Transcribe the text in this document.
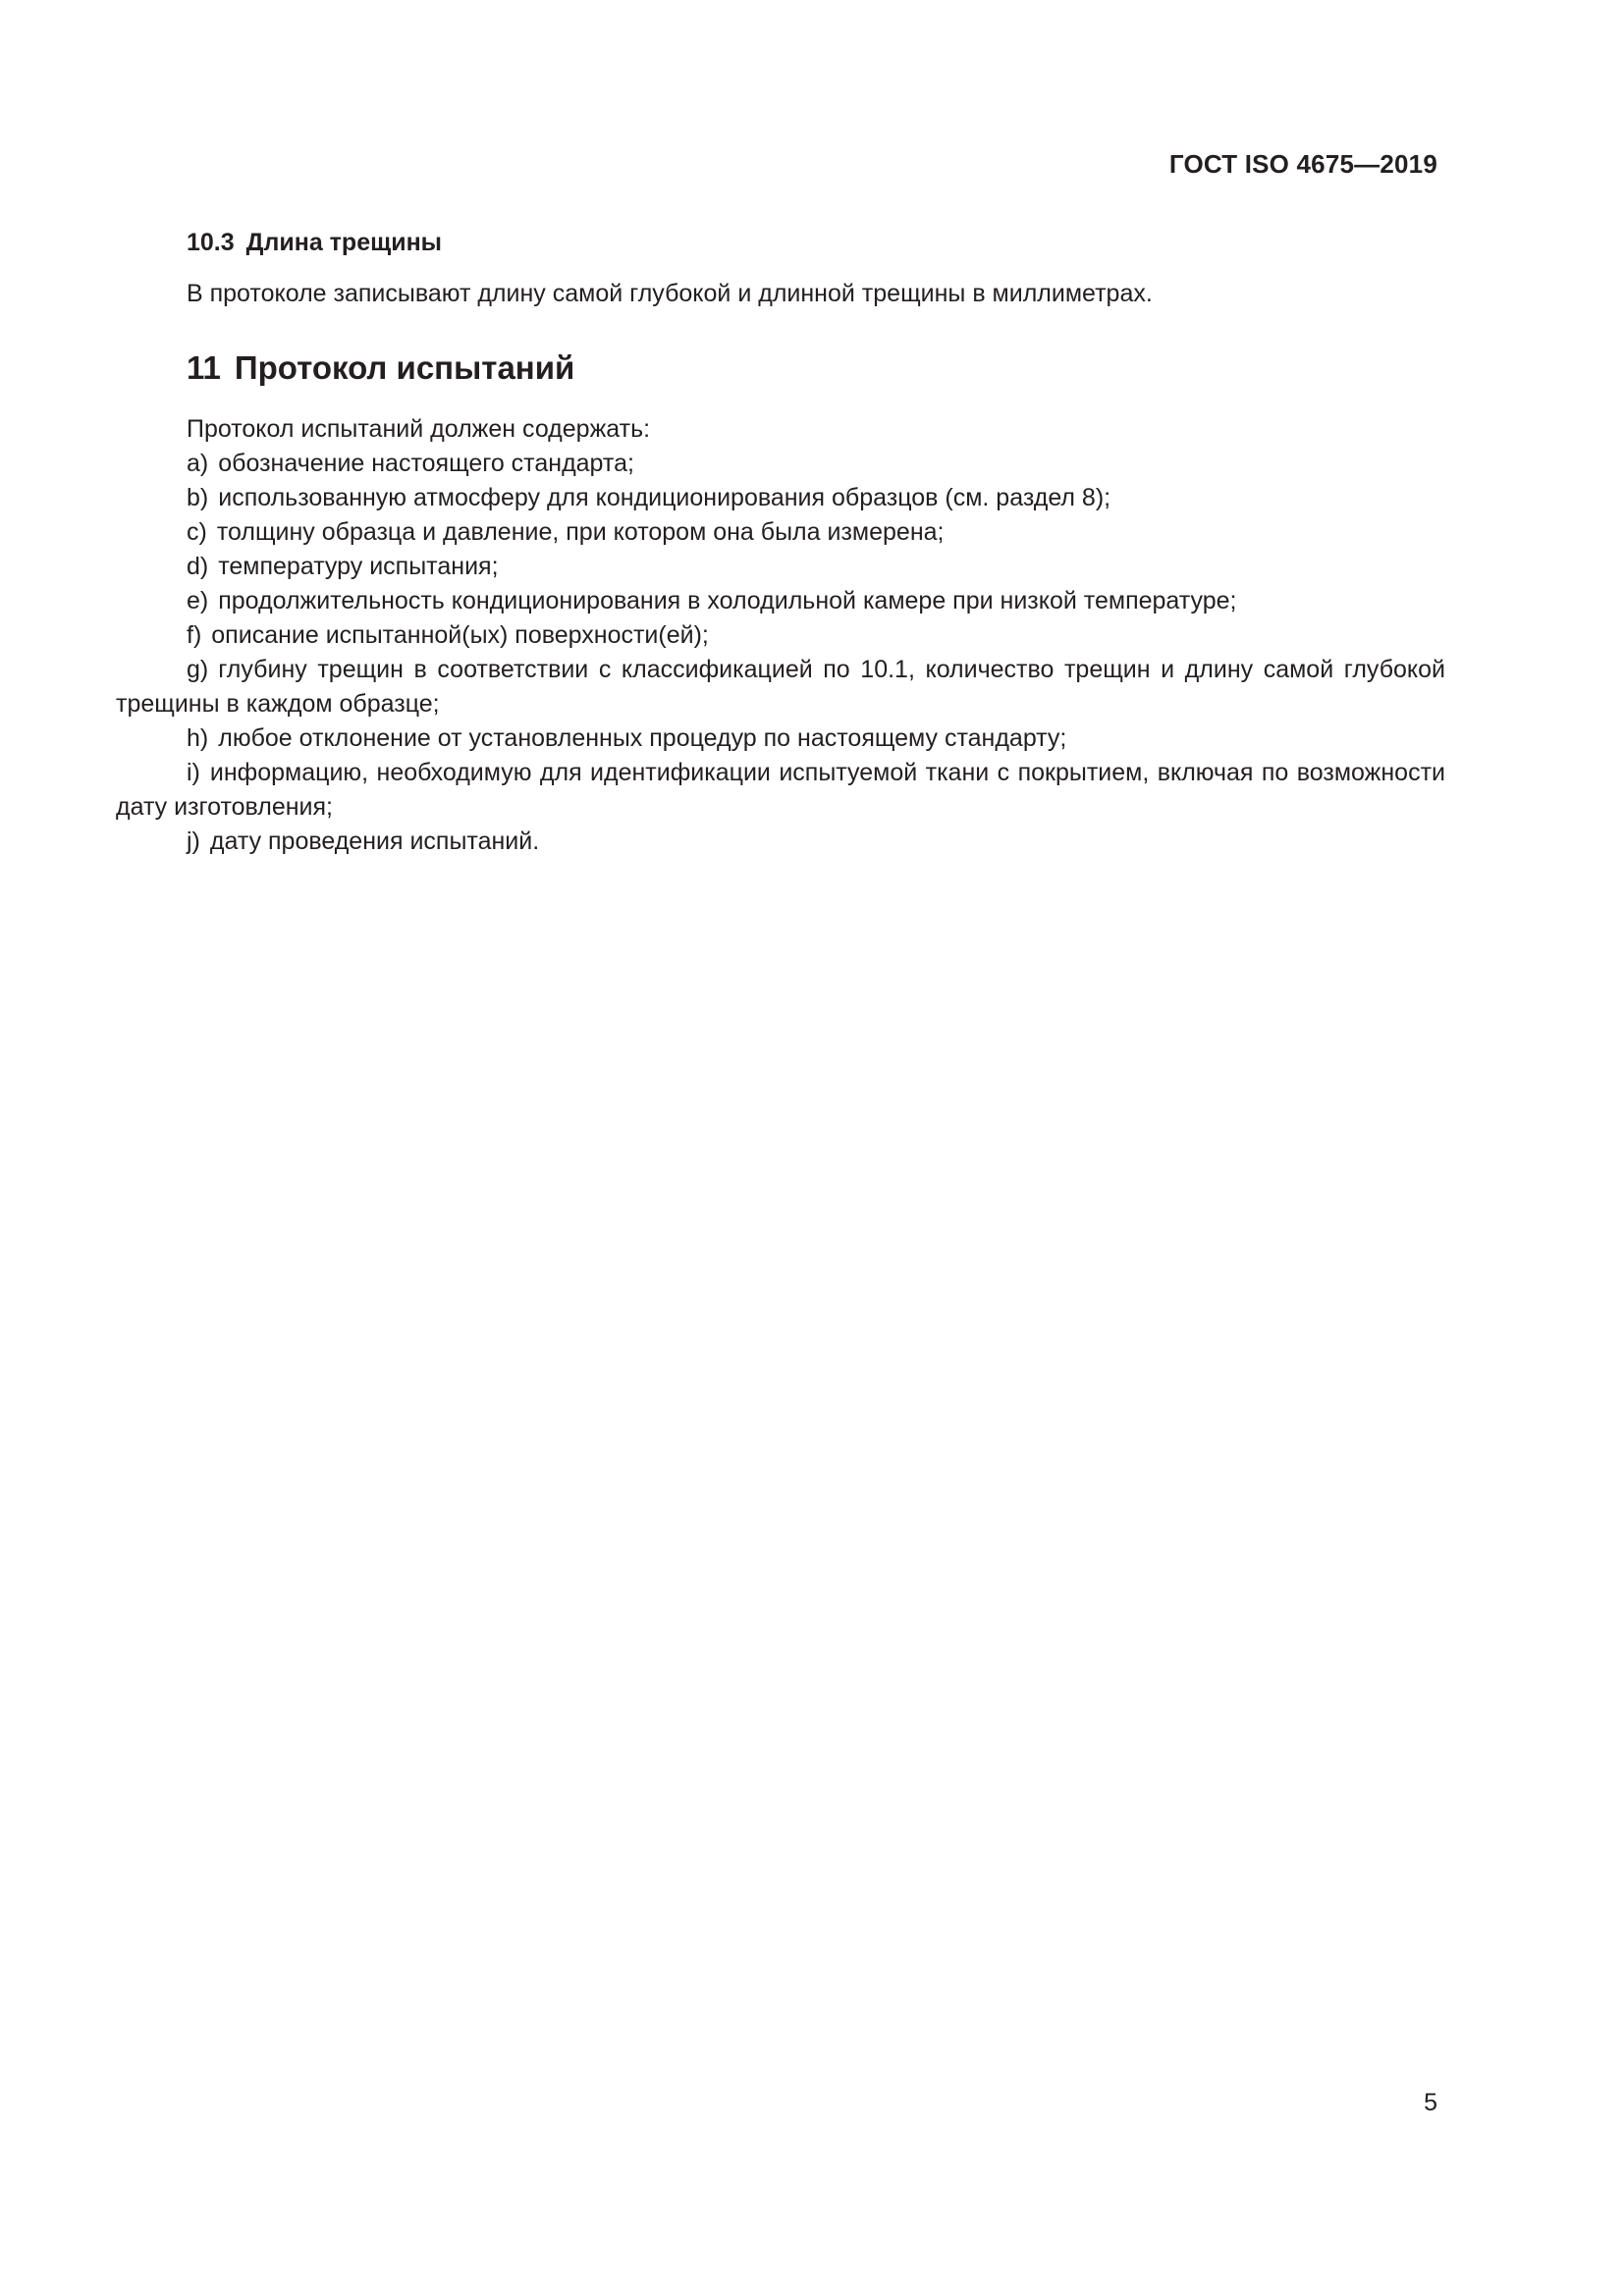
ГОСТ ISO 4675—2019
10.3 Длина трещины
В протоколе записывают длину самой глубокой и длинной трещины в миллиметрах.
11 Протокол испытаний

Протокол испытаний должен содержать:

a) обозначение настоящего стандарта;

b) использованную атмосферу для кондиционирования образцов (см. раздел 8);

c) толщину образца и давление, при котором она была измерена;

d) температуру испытания;

e) продолжительность кондиционирования в холодильной камере при низкой температуре;

f) описание испытанной(ых) поверхности(ей);

g) глубину трещин в соответствии с классификацией по 10.1, количество трещин и длину самой глубокой трещины в каждом образце;

h) любое отклонение от установленных процедур по настоящему стандарту;

i) информацию, необходимую для идентификации испытуемой ткани с покрытием, включая по возможности дату изготовления;

j) дату проведения испытаний.

5
